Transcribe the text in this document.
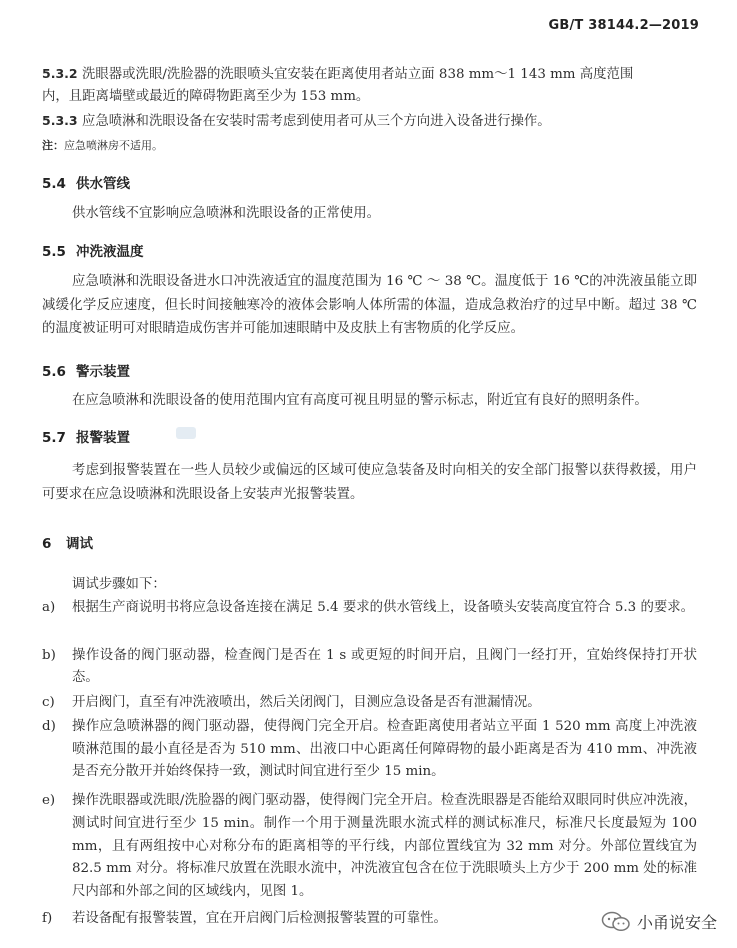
GB/T 38144.2—2019
5.3.2 洗眼器或洗眼/洗脸器的洗眼喷头宜安装在距离使用者站立面 838 mm～1 143 mm 高度范围
内，且距离墙壁或最近的障碍物距离至少为 153 mm。
5.3.3 应急喷淋和洗眼设备在安装时需考虑到使用者可从三个方向进入设备进行操作。
注：应急喷淋房不适用。
5.4 供水管线
供水管线不宜影响应急喷淋和洗眼设备的正常使用。
5.5 冲洗液温度
应急喷淋和洗眼设备进水口冲洗液适宜的温度范围为 16 ℃ ～ 38 ℃。温度低于 16 ℃的冲洗液虽能立即减缓化学反应速度，但长时间接触寒冷的液体会影响人体所需的体温，造成急救治疗的过早中断。超过 38 ℃的温度被证明可对眼睛造成伤害并可能加速眼睛中及皮肤上有害物质的化学反应。
5.6 警示装置
在应急喷淋和洗眼设备的使用范围内宜有高度可视且明显的警示标志，附近宜有良好的照明条件。
5.7 报警装置
考虑到报警装置在一些人员较少或偏远的区域可使应急装备及时向相关的安全部门报警以获得救援，用户可要求在应急设喷淋和洗眼设备上安装声光报警装置。
6 调试
调试步骤如下：
a)	根据生产商说明书将应急设备连接在满足 5.4 要求的供水管线上，设备喷头安装高度宜符合 5.3 的要求。
b)	操作设备的阀门驱动器，检查阀门是否在 1 s 或更短的时间开启，且阀门一经打开，宜始终保持打开状态。
c)	开启阀门，直至有冲洗液喷出，然后关闭阀门，目测应急设备是否有泄漏情况。
d)	操作应急喷淋器的阀门驱动器，使得阀门完全开启。检查距离使用者站立平面 1 520 mm 高度上冲洗液喷淋范围的最小直径是否为 510 mm、出液口中心距离任何障碍物的最小距离是否为 410 mm、冲洗液是否充分散开并始终保持一致，测试时间宜进行至少 15 min。
e)	操作洗眼器或洗眼/洗脸器的阀门驱动器，使得阀门完全开启。检查洗眼器是否能给双眼同时供应冲洗液，测试时间宜进行至少 15 min。制作一个用于测量洗眼水流式样的测试标准尺，标准尺长度最短为 100 mm，且有两组按中心对称分布的距离相等的平行线，内部位置线宜为 32 mm 对分。外部位置线宜为 82.5 mm 对分。将标准尺放置在洗眼水流中，冲洗液宜包含在位于洗眼喷头上方少于 200 mm 处的标准尺内部和外部之间的区域线内，见图 1。
f)	若设备配有报警装置，宜在开启阀门后检测报警装置的可靠性。	小甬说安全
